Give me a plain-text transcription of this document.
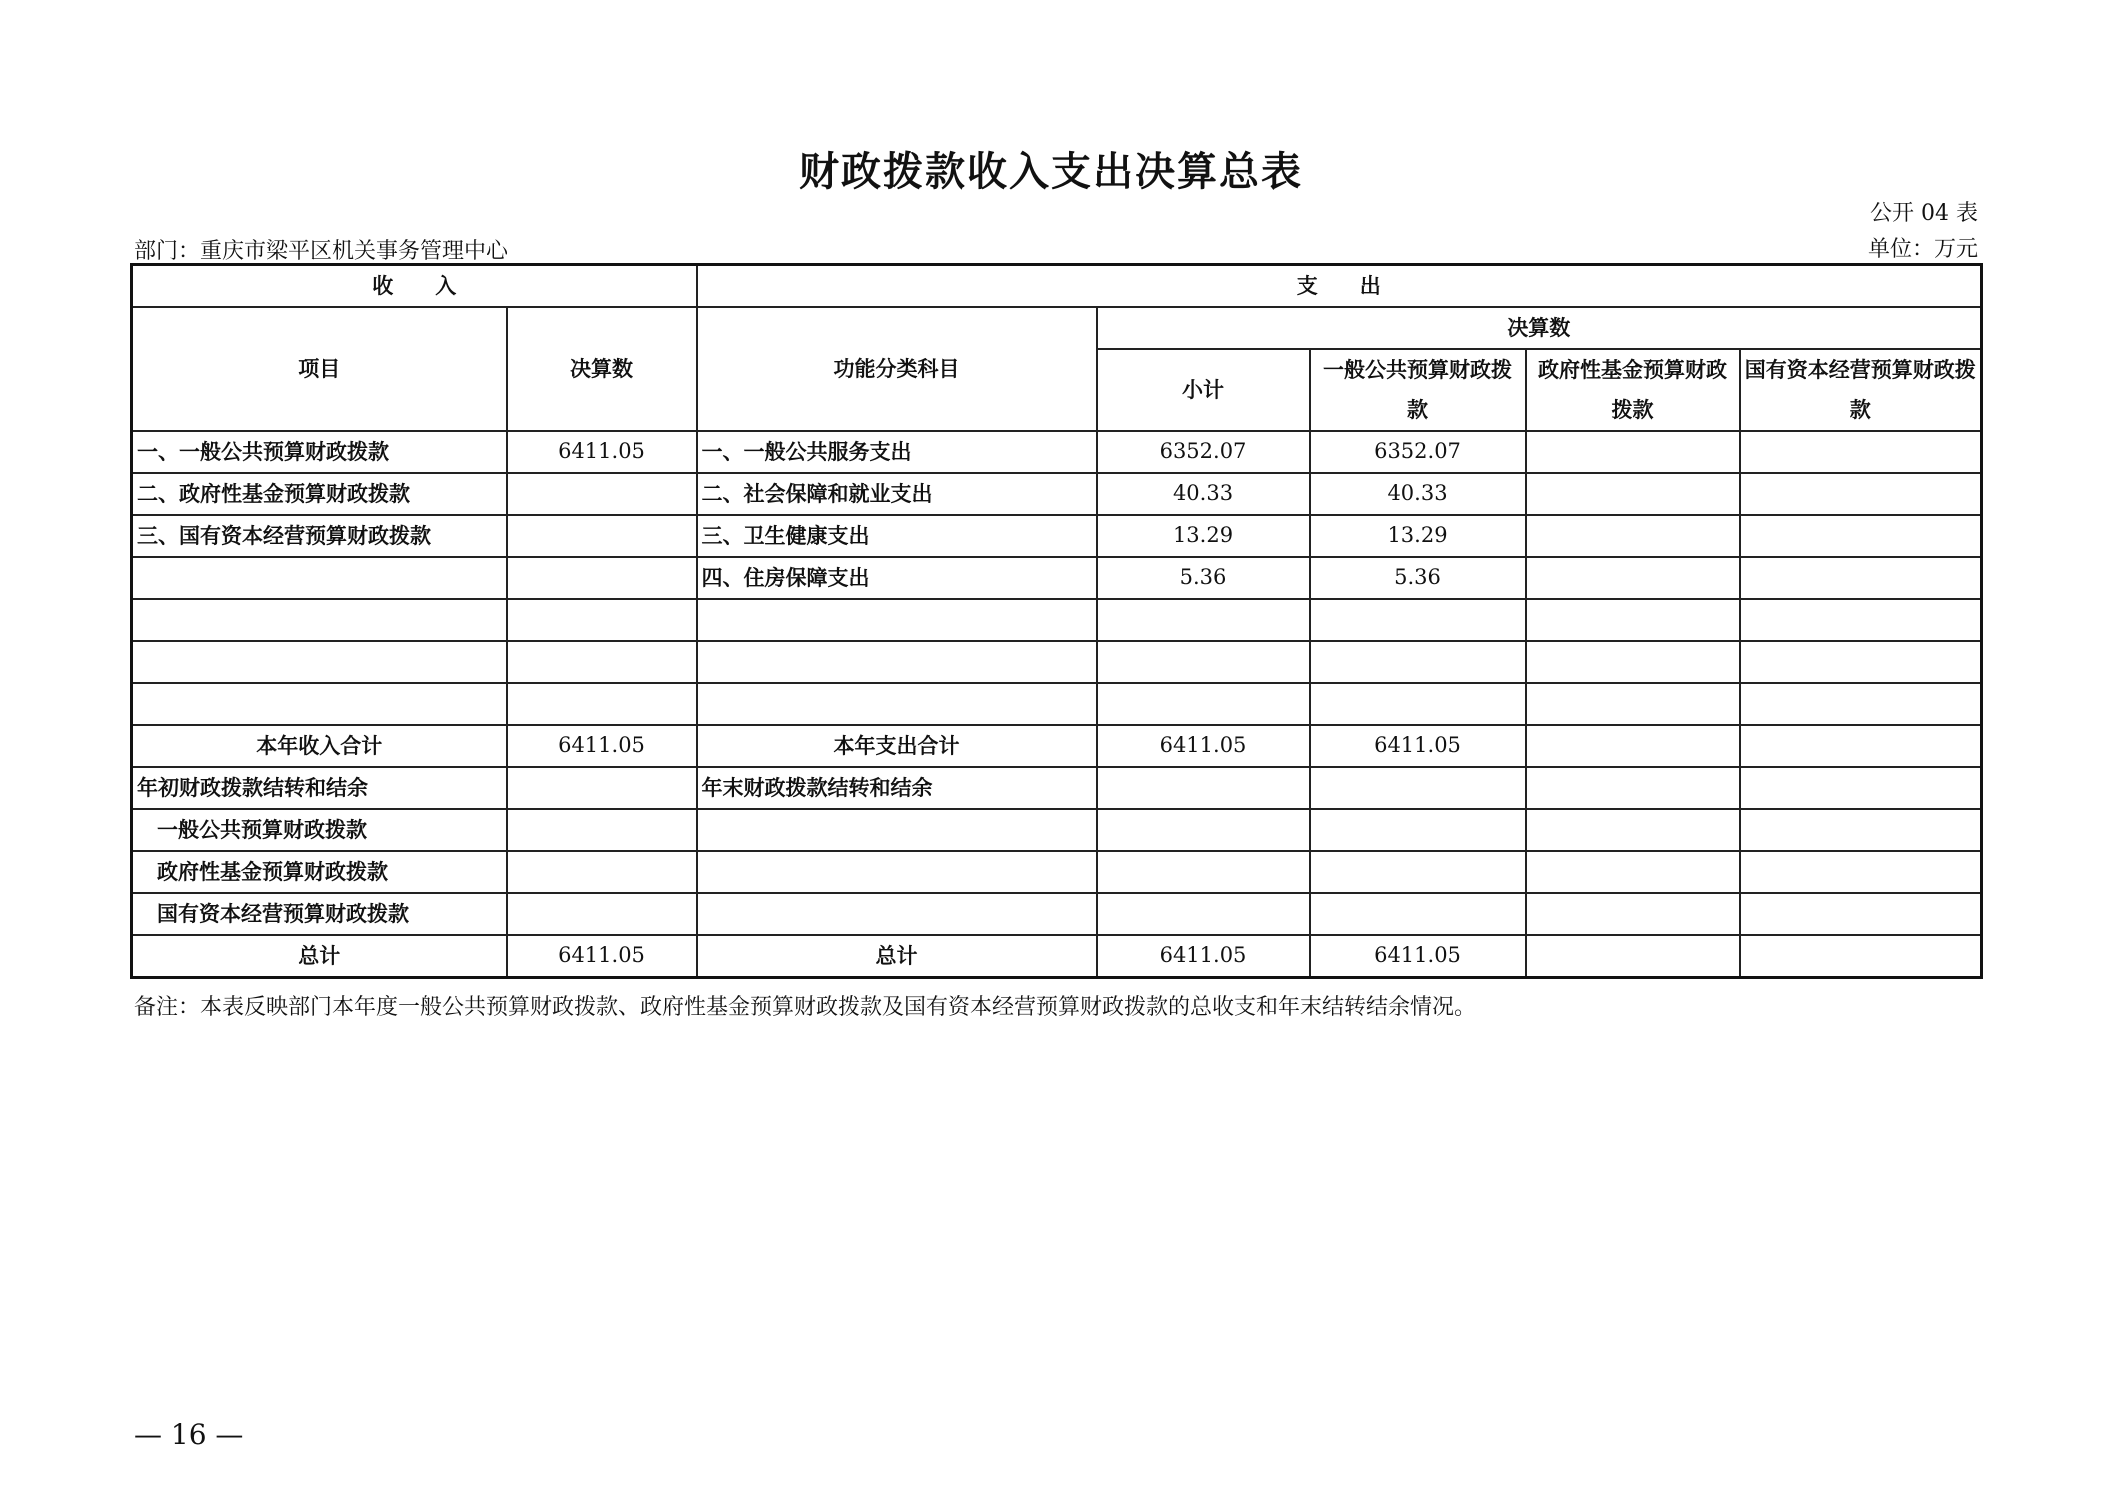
财政拨款收入支出决算总表
公开 04 表
部门：重庆市梁平区机关事务管理中心	单位：万元
收　　入		支　　出				
项目	决算数	功能分类科目	决算数			
			小计	一般公共预算财政拨款	政府性基金预算财政拨款	国有资本经营预算财政拨款
一、一般公共预算财政拨款	6411.05	一、一般公共服务支出	6352.07	6352.07		
二、政府性基金预算财政拨款		二、社会保障和就业支出	40.33	40.33		
三、国有资本经营预算财政拨款		三、卫生健康支出	13.29	13.29		
		四、住房保障支出	5.36	5.36		

本年收入合计	6411.05	本年支出合计	6411.05	6411.05		
年初财政拨款结转和结余		年末财政拨款结转和结余				
一般公共预算财政拨款						
政府性基金预算财政拨款						
国有资本经营预算财政拨款						
总计	6411.05	总计	6411.05	6411.05		
备注：本表反映部门本年度一般公共预算财政拨款、政府性基金预算财政拨款及国有资本经营预算财政拨款的总收支和年末结转结余情况。
— 16 —
